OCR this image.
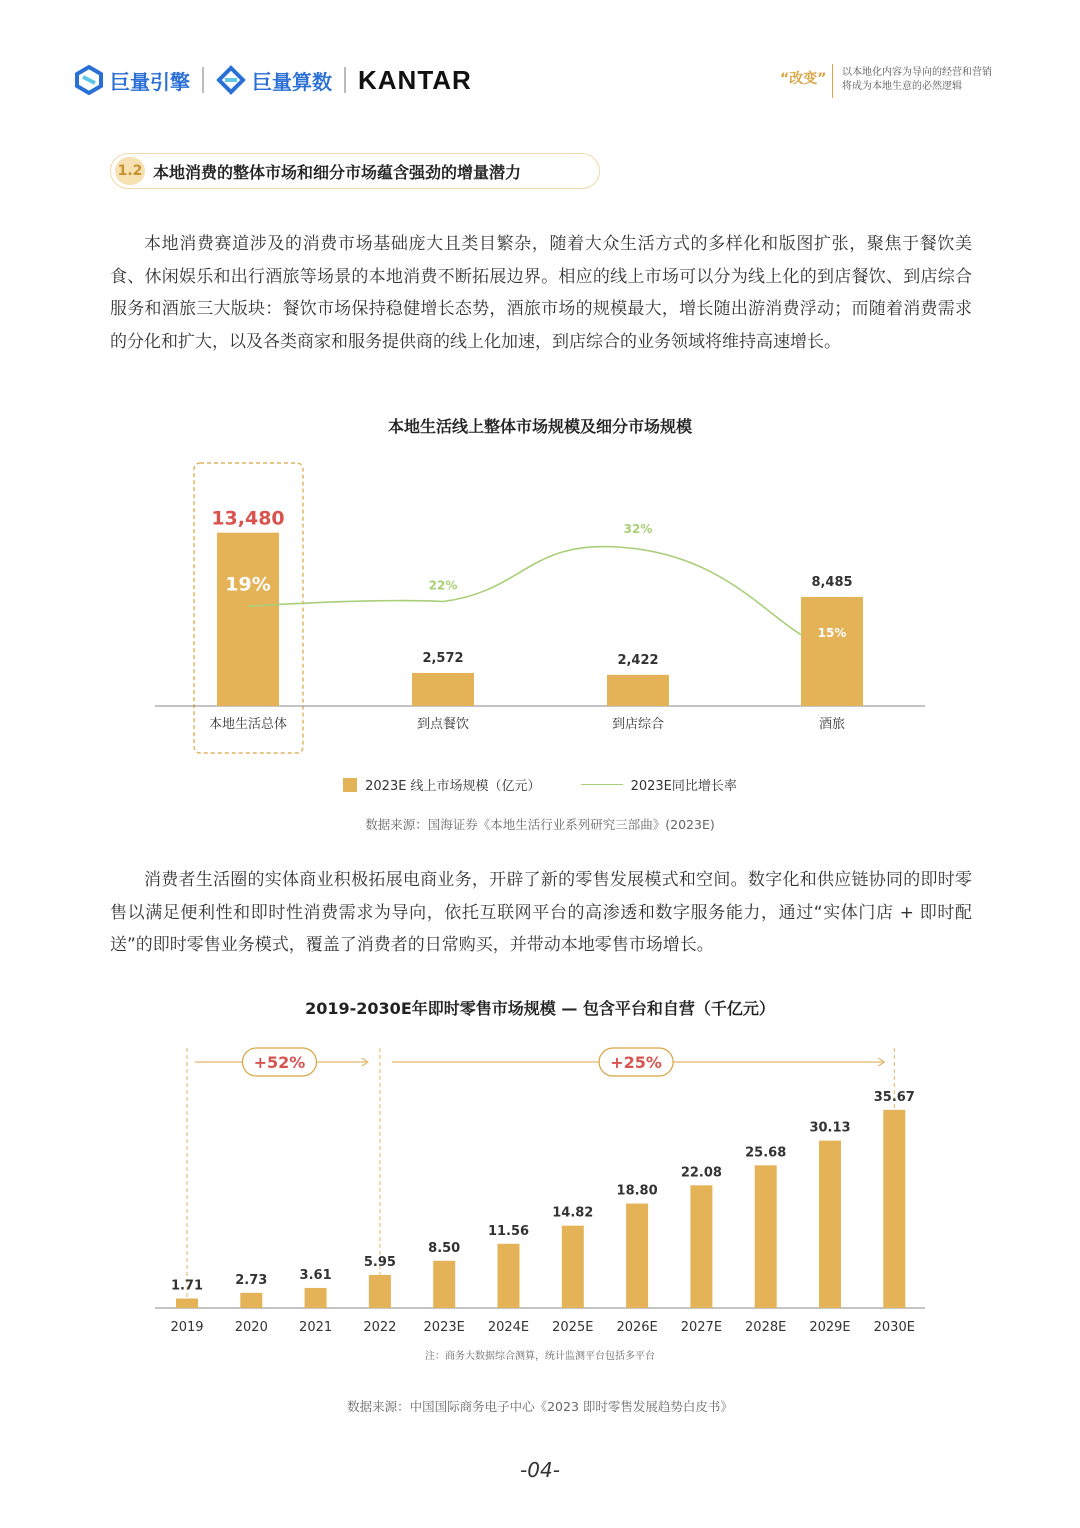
巨量引擎	巨量算数 KANTAR	“改变” 以本地化内容为导向的经营和营销
将成为本地生意的必然逻辑
1.2 本地消费的整体市场和细分市场蕴含强劲的增量潜力
本地消费赛道涉及的消费市场基础庞大且类目繁杂，随着大众生活方式的多样化和版图扩张，聚焦于餐饮美食、休闲娱乐和出行酒旅等场景的本地消费不断拓展边界。相应的线上市场可以分为线上化的到店餐饮、到店综合服务和酒旅三大版块：餐饮市场保持稳健增长态势，酒旅市场的规模最大，增长随出游消费浮动；而随着消费需求的分化和扩大，以及各类商家和服务提供商的线上化加速，到店综合的业务领域将维持高速增长。
本地生活线上整体市场规模及细分市场规模
13,480
本地生活总体
2,572
到点餐饮
2,422
到店综合
8,485
酒旅
19%	22%
32%
15%
2023E 线上市场规模（亿元）	2023E同比增长率
数据来源：国海证券《本地生活行业系列研究三部曲》(2023E)
消费者生活圈的实体商业积极拓展电商业务，开辟了新的零售发展模式和空间。数字化和供应链协同的即时零售以满足便利性和即时性消费需求为导向，依托互联网平台的高渗透和数字服务能力，通过“实体门店 + 即时配送”的即时零售业务模式，覆盖了消费者的日常购买，并带动本地零售市场增长。
2019-2030E年即时零售市场规模 — 包含平台和自营（千亿元）
+52%	+25%
1.71
2019
2.73
2020
3.61
2021
5.95
2022
8.50
2023E
11.56
2024E
14.82
2025E
18.80
2026E
22.08
2027E
25.68
2028E
30.13
2029E
35.67
2030E
注：商务大数据综合测算，统计监测平台包括多平台
数据来源：中国国际商务电子中心《2023 即时零售发展趋势白皮书》
-04-
